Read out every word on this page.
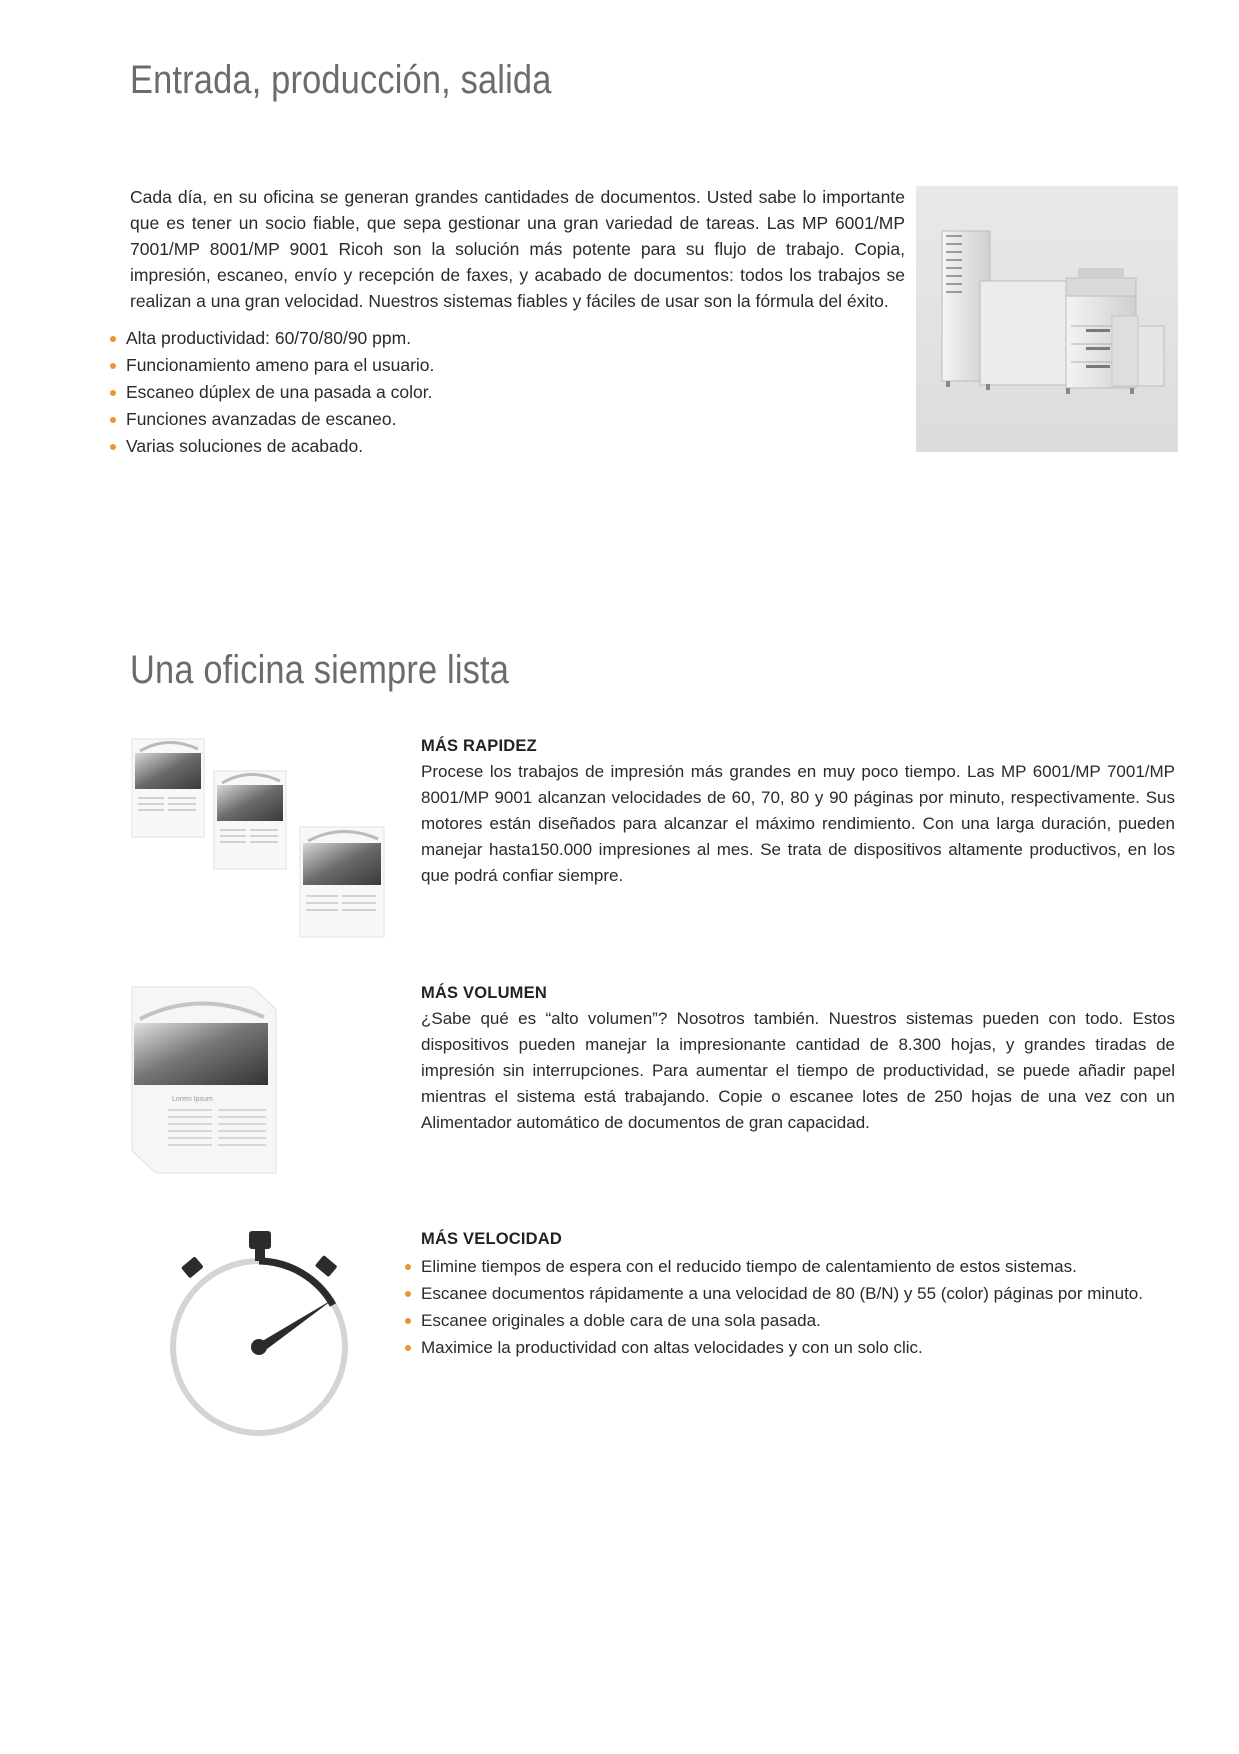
Entrada, producción, salida
Cada día, en su oficina se generan grandes cantidades de documentos. Usted sabe lo importante que es tener un socio fiable, que sepa gestionar una gran variedad de tareas. Las MP 6001/MP 7001/MP 8001/MP 9001 Ricoh son la solución más potente para su flujo de trabajo. Copia, impresión, escaneo, envío y recepción de faxes, y acabado de documentos: todos los trabajos se realizan a una gran velocidad. Nuestros sistemas fiables y fáciles de usar son la fórmula del éxito.
Alta productividad: 60/70/80/90 ppm.
Funcionamiento ameno para el usuario.
Escaneo dúplex de una pasada a color.
Funciones avanzadas de escaneo.
Varias soluciones de acabado.
Una oficina siempre lista
MÁS RAPIDEZ
Procese los trabajos de impresión más grandes en muy poco tiempo. Las MP 6001/MP 7001/MP 8001/MP 9001 alcanzan velocidades de 60, 70, 80 y 90 páginas por minuto, respectivamente. Sus motores están diseñados para alcanzar el máximo rendimiento. Con una larga duración, pueden manejar hasta150.000 impresiones al mes. Se trata de dispositivos altamente productivos, en los que podrá confiar siempre.
Lorem Ipsum
MÁS VOLUMEN
¿Sabe qué es “alto volumen”? Nosotros también. Nuestros sistemas pueden con todo. Estos dispositivos pueden manejar la impresionante cantidad de 8.300 hojas, y grandes tiradas de impresión sin interrupciones. Para aumentar el tiempo de productividad, se puede añadir papel mientras el sistema está trabajando. Copie o escanee lotes de 250 hojas de una vez con un Alimentador automático de documentos de gran capacidad.
MÁS VELOCIDAD
Elimine tiempos de espera con el reducido tiempo de calentamiento de estos sistemas.
Escanee documentos rápidamente a una velocidad de 80 (B/N) y 55 (color) páginas por minuto.
Escanee originales a doble cara de una sola pasada.
Maximice la productividad con altas velocidades y con un solo clic.
